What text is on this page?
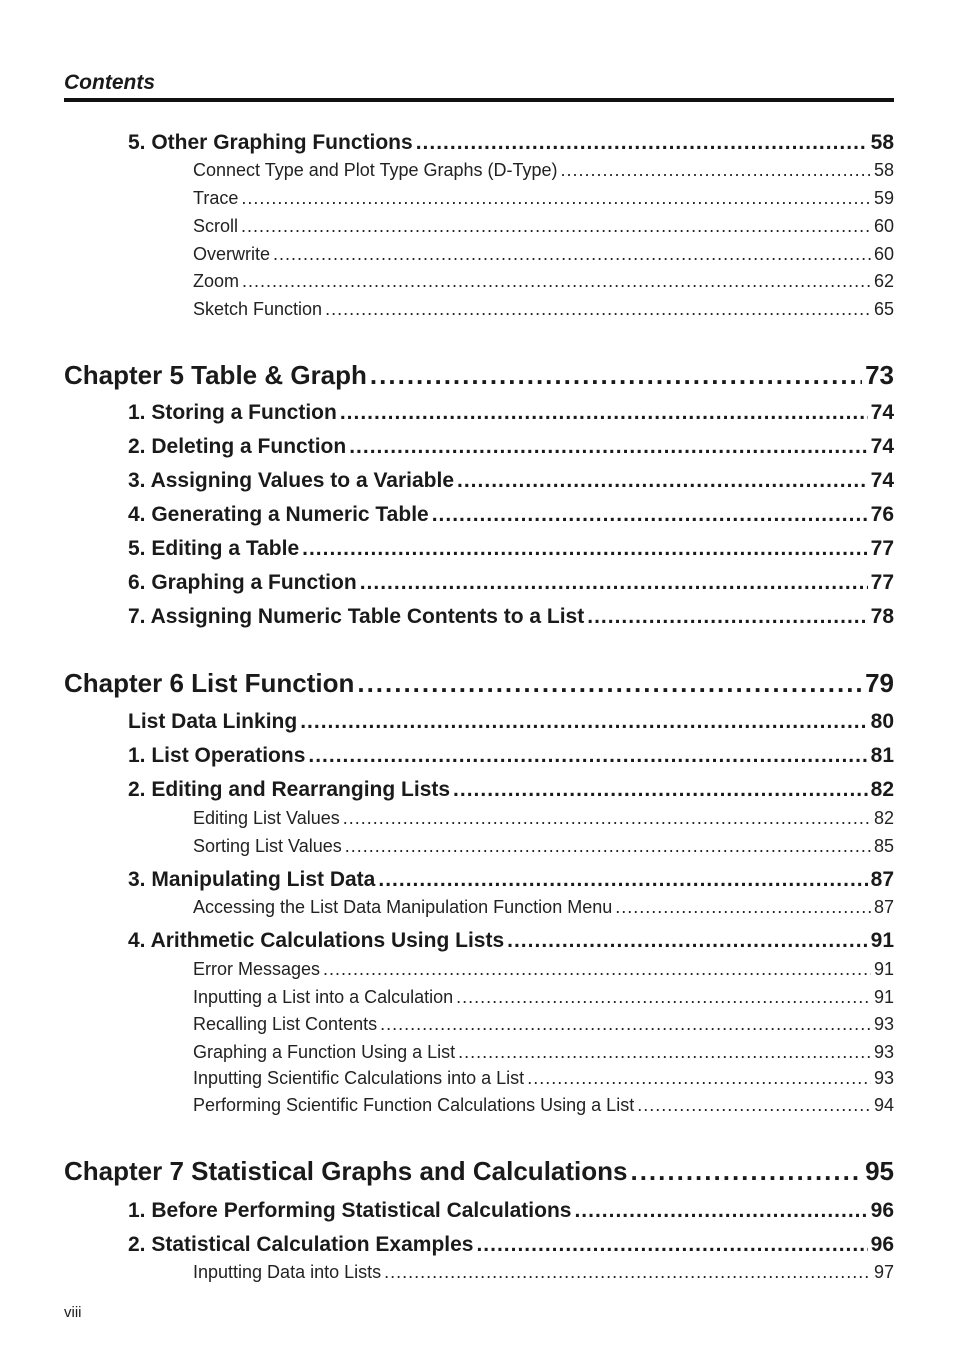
Contents
5. Other Graphing Functions .....	58
Connect Type and Plot Type Graphs (D-Type) .....	58
Trace .....	59
Scroll .....	60
Overwrite .....	60
Zoom .....	62
Sketch Function .....	65
Chapter 5 Table & Graph .....	73
1. Storing a Function .....	74
2. Deleting a Function .....	74
3. Assigning Values to a Variable .....	74
4. Generating a Numeric Table .....	76
5. Editing a Table .....	77
6. Graphing a Function .....	77
7. Assigning Numeric Table Contents to a List .....	78
Chapter 6 List Function .....	79
List Data Linking .....	80
1. List Operations .....	81
2. Editing and Rearranging Lists .....	82
Editing List Values .....	82
Sorting List Values .....	85
3. Manipulating List Data .....	87
Accessing the List Data Manipulation Function Menu .....	87
4. Arithmetic Calculations Using Lists .....	91
Error Messages .....	91
Inputting a List into a Calculation .....	91
Recalling List Contents .....	93
Graphing a Function Using a List .....	93
Inputting Scientific Calculations into a List .....	93
Performing Scientific Function Calculations Using a List .....	94
Chapter 7 Statistical Graphs and Calculations .....	95
1. Before Performing Statistical Calculations .....	96
2. Statistical Calculation Examples .....	96
Inputting Data into Lists .....	97
viii
